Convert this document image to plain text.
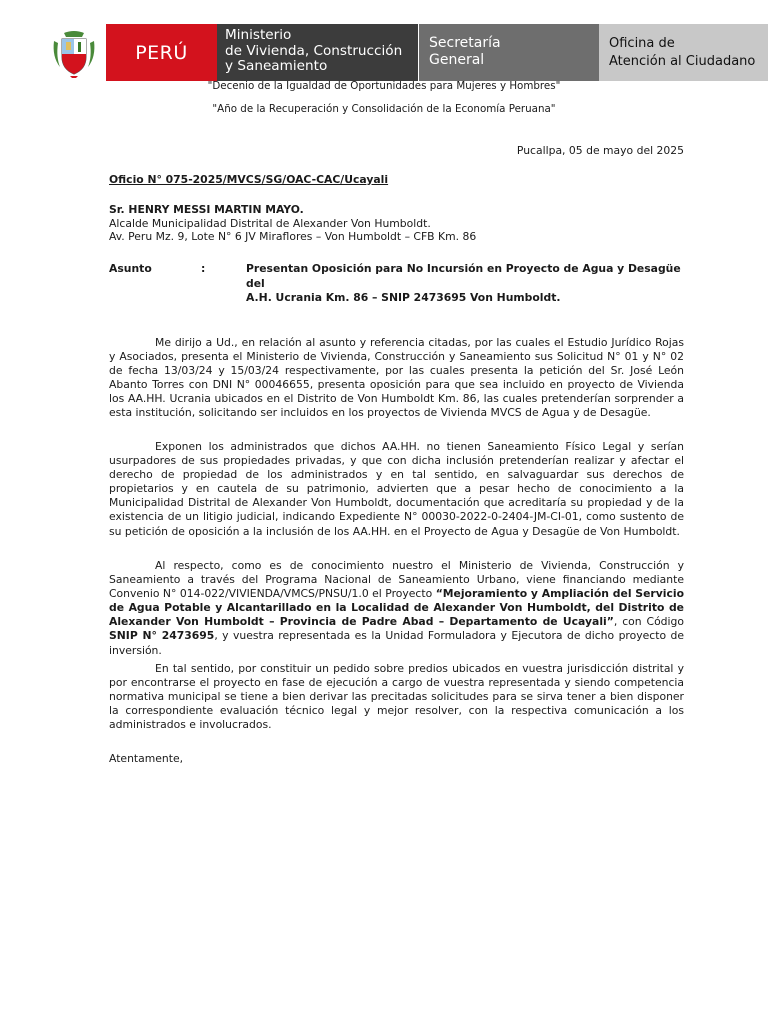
PERÚ
Ministerio
de Vivienda, Construcción
y Saneamiento
Secretaría
General
Oficina de
Atención al Ciudadano
"Decenio de la Igualdad de Oportunidades para Mujeres y Hombres"
"Año de la Recuperación y Consolidación de la Economía Peruana"
Pucallpa, 05 de mayo del 2025
Oficio N° 075-2025/MVCS/SG/OAC-CAC/Ucayali
Sr. HENRY MESSI MARTIN MAYO.
Alcalde Municipalidad Distrital de Alexander Von Humboldt.
Av. Peru Mz. 9, Lote N° 6 JV Miraflores – Von Humboldt – CFB Km. 86
Asunto	:	Presentan Oposición para No Incursión en Proyecto de Agua y Desagüe del
A.H. Ucrania Km. 86 – SNIP 2473695 Von Humboldt.
Me dirijo a Ud., en relación al asunto y referencia citadas, por las cuales el Estudio Jurídico Rojas y Asociados, presenta el Ministerio de Vivienda, Construcción y Saneamiento sus Solicitud N° 01 y N° 02 de fecha 13/03/24 y 15/03/24 respectivamente, por las cuales presenta la petición del Sr. José León Abanto Torres con DNI N° 00046655, presenta oposición para que sea incluido en proyecto de Vivienda los AA.HH. Ucrania ubicados en el Distrito de Von Humboldt Km. 86, las cuales pretenderían sorprender a esta institución, solicitando ser incluidos en los proyectos de Vivienda MVCS de Agua y de Desagüe.
Exponen los administrados que dichos AA.HH. no tienen Saneamiento Físico Legal y serían usurpadores de sus propiedades privadas, y que con dicha inclusión pretenderían realizar y afectar el derecho de propiedad de los administrados y en tal sentido, en salvaguardar sus derechos de propietarios y en cautela de su patrimonio, advierten que a pesar hecho de conocimiento a la Municipalidad Distrital de Alexander Von Humboldt, documentación que acreditaría su propiedad y de la existencia de un litigio judicial, indicando Expediente N° 00030-2022-0-2404-JM-CI-01, como sustento de su petición de oposición a la inclusión de los AA.HH. en el Proyecto de Agua y Desagüe de Von Humboldt.
Al respecto, como es de conocimiento nuestro el Ministerio de Vivienda, Construcción y Saneamiento a través del Programa Nacional de Saneamiento Urbano, viene financiando mediante Convenio N° 014-022/VIVIENDA/VMCS/PNSU/1.0 el Proyecto “Mejoramiento y Ampliación del Servicio de Agua Potable y Alcantarillado en la Localidad de Alexander Von Humboldt, del Distrito de Alexander Von Humboldt – Provincia de Padre Abad – Departamento de Ucayali”, con Código SNIP N° 2473695, y vuestra representada es la Unidad Formuladora y Ejecutora de dicho proyecto de inversión.
En tal sentido, por constituir un pedido sobre predios ubicados en vuestra jurisdicción distrital y por encontrarse el proyecto en fase de ejecución a cargo de vuestra representada y siendo competencia normativa municipal se tiene a bien derivar las precitadas solicitudes para se sirva tener a bien disponer la correspondiente evaluación técnico legal y mejor resolver, con la respectiva comunicación a los administrados e involucrados.
Atentamente,
